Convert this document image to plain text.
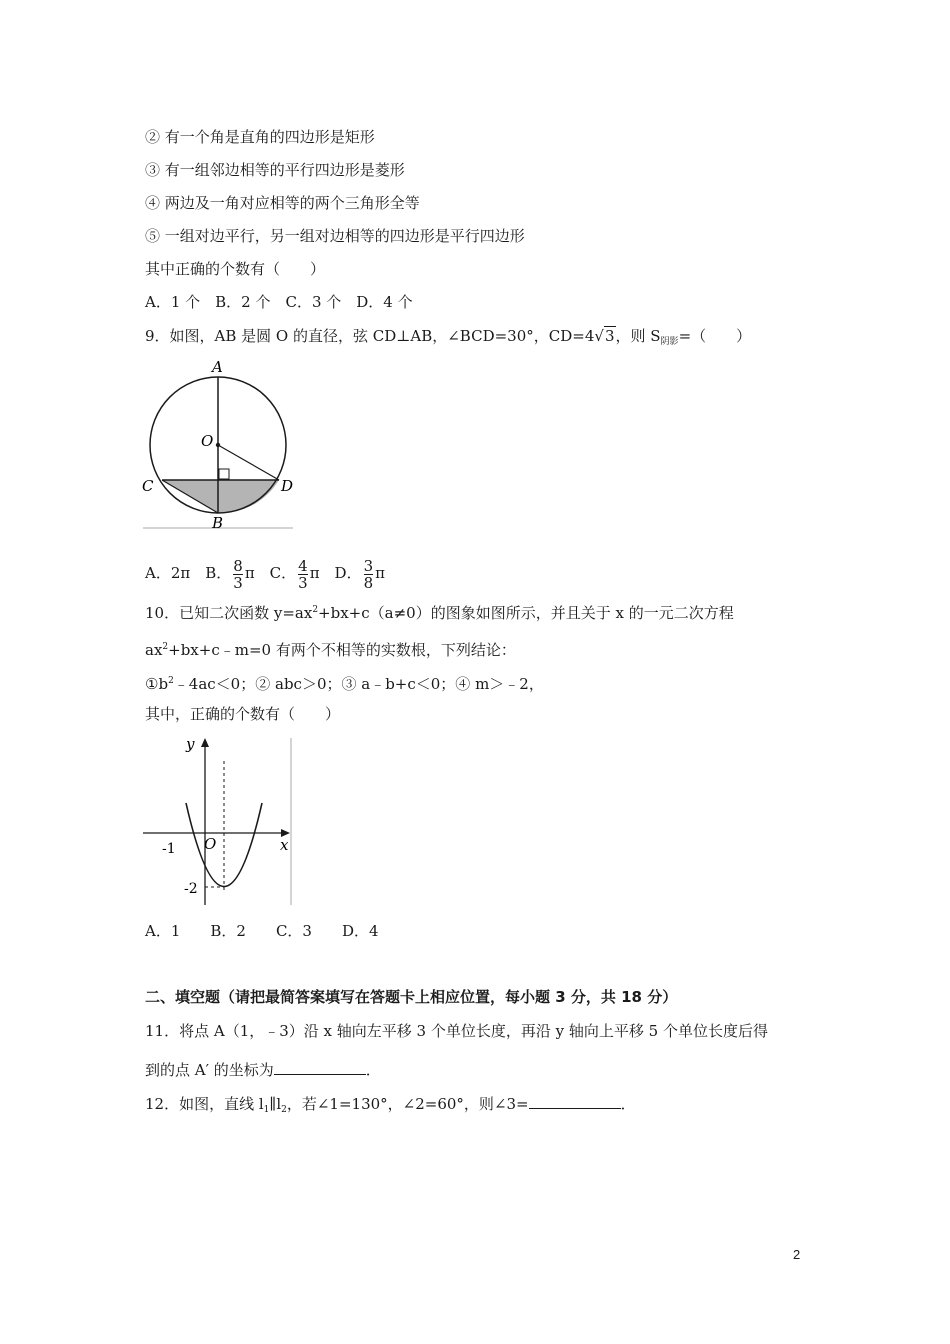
② 有一个角是直角的四边形是矩形
③ 有一组邻边相等的平行四边形是菱形
④ 两边及一角对应相等的两个三角形全等
⑤ 一组对边平行，另一组对边相等的四边形是平行四边形
其中正确的个数有（　　）
A．1 个　B．2 个　C．3 个　D．4 个
9．如图，AB 是圆 O 的直径，弦 CD⊥AB，∠BCD=30°，CD=4√3，则 $S_{阴影}=$（　　）
A
O
C	D
B
A．2π　B． $\frac{8}{3}$ π　C． $\frac{4}{3}$ π　D． $\frac{3}{8}$ π
10．已知二次函数 $y=ax^2+bx+c(a\ne 0)$的图象如图所示，并且关于 x 的一元二次方程
$ax^2+bx+c﹣m=0$ 有两个不相等的实数根，下列结论：
$①b^2﹣4ac<0$；② abc＞0；③ a﹣b+c＜0；④ m＞﹣2，
其中，正确的个数有（　　）
y
x
O
-1
-2
A．1　　B．2　　C．3　　D．4
二、填空题（请把最简答案填写在答题卡上相应位置，每小题 3 分，共 18 分）
11．将点 A（1，﹣3）沿 x 轴向左平移 3 个单位长度，再沿 y 轴向上平移 5 个单位长度后得
到的点 A′ 的坐标为	．
12．如图，直线 $l_1\parallel l_2$，若∠1=130°，∠2=60°，则∠3=	．
2
